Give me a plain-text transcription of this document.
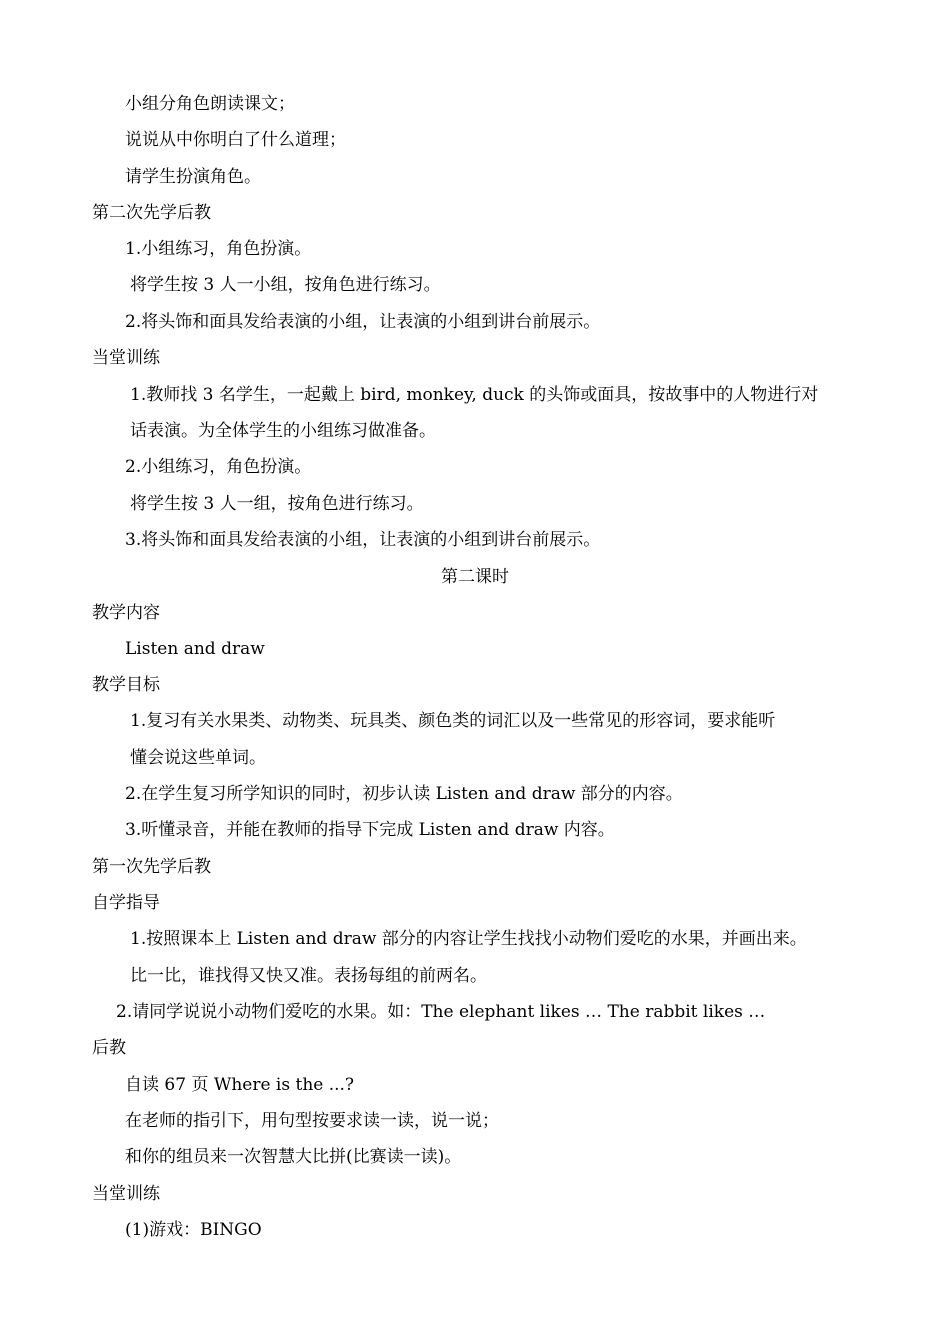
小组分角色朗读课文；
说说从中你明白了什么道理；
请学生扮演角色。
第二次先学后教
1.小组练习，角色扮演。
将学生按 3 人一小组，按角色进行练习。
2.将头饰和面具发给表演的小组，让表演的小组到讲台前展示。
当堂训练
1.教师找 3 名学生，一起戴上 bird, monkey, duck 的头饰或面具，按故事中的人物进行对
话表演。为全体学生的小组练习做准备。
2.小组练习，角色扮演。
将学生按 3 人一组，按角色进行练习。
3.将头饰和面具发给表演的小组，让表演的小组到讲台前展示。
第二课时
教学内容
Listen and draw
教学目标
1.复习有关水果类、动物类、玩具类、颜色类的词汇以及一些常见的形容词，要求能听
懂会说这些单词。
2.在学生复习所学知识的同时，初步认读 Listen and draw 部分的内容。
3.听懂录音，并能在教师的指导下完成 Listen and draw 内容。
第一次先学后教
自学指导
1.按照课本上 Listen and draw 部分的内容让学生找找小动物们爱吃的水果，并画出来。
比一比，谁找得又快又准。表扬每组的前两名。
2.请同学说说小动物们爱吃的水果。如：The elephant likes … The rabbit likes …
后教
自读 67 页 Where is the ...?
在老师的指引下，用句型按要求读一读，说一说；
和你的组员来一次智慧大比拼(比赛读一读)。
当堂训练
(1)游戏：BINGO
